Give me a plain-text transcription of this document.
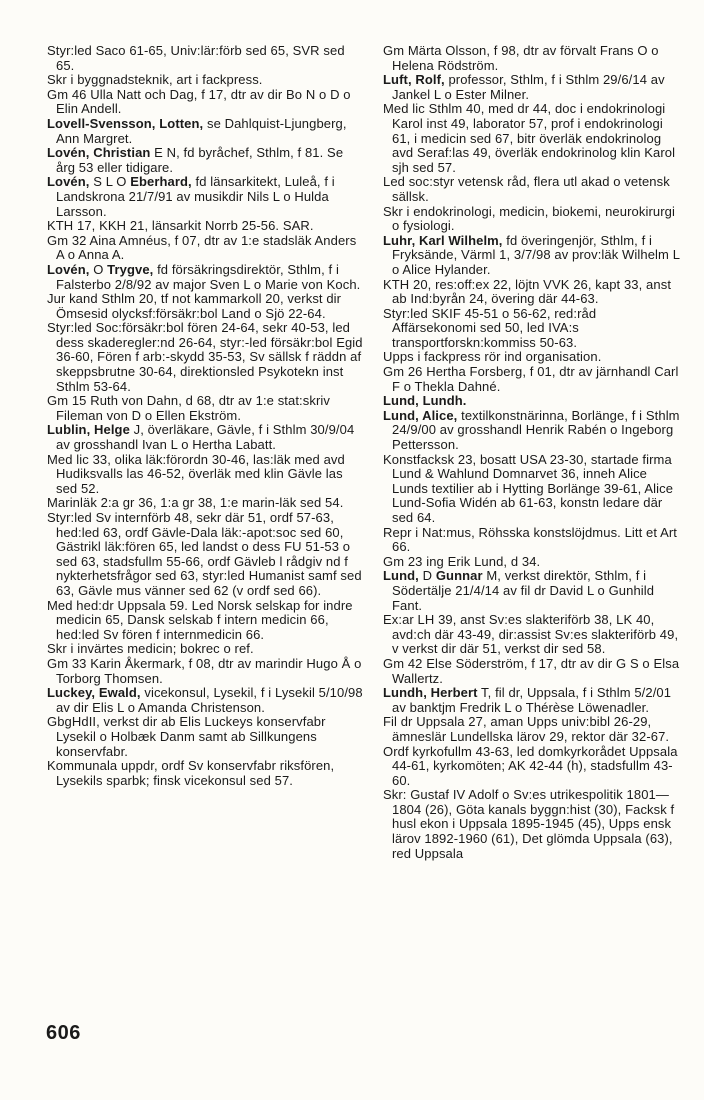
Styr:led Saco 61-65, Univ:lär:förb sed 65, SVR sed 65.

Skr i byggnadsteknik, art i fackpress.

Gm 46 Ulla Natt och Dag, f 17, dtr av dir Bo N o D o Elin Andell.

Lovell-Svensson, Lotten, se Dahlquist-Ljungberg, Ann Margret.

Lovén, Christian E N, fd byråchef, Sthlm, f 81. Se årg 53 eller tidigare.

Lovén, S L O Eberhard, fd länsarkitekt, Luleå, f i Landskrona 21/7/91 av musikdir Nils L o Hulda Larsson.

KTH 17, KKH 21, länsarkit Norrb 25-56. SAR.

Gm 32 Aina Amnéus, f 07, dtr av 1:e stadsläk Anders A o Anna A.

Lovén, O Trygve, fd försäkringsdirektör, Sthlm, f i Falsterbo 2/8/92 av major Sven L o Marie von Koch.

Jur kand Sthlm 20, tf not kammarkoll 20, verkst dir Ömsesid olycksf:försäkr:bol Land o Sjö 22-64.

Styr:led Soc:försäkr:bol fören 24-64, sekr 40-53, led dess skaderegler:nd 26-64, styr:-led försäkr:bol Egid 36-60, Fören f arb:-skydd 35-53, Sv sällsk f räddn af skeppsbrutne 30-64, direktionsled Psykotekn inst Sthlm 53-64.

Gm 15 Ruth von Dahn, d 68, dtr av 1:e stat:skriv Fileman von D o Ellen Ekström.

Lublin, Helge J, överläkare, Gävle, f i Sthlm 30/9/04 av grosshandl Ivan L o Hertha Labatt.

Med lic 33, olika läk:förordn 30-46, las:läk med avd Hudiksvalls las 46-52, överläk med klin Gävle las sed 52.

Marinläk 2:a gr 36, 1:a gr 38, 1:e marin-läk sed 54.

Styr:led Sv internförb 48, sekr där 51, ordf 57-63, hed:led 63, ordf Gävle-Dala läk:-apot:soc sed 60, Gästrikl läk:fören 65, led landst o dess FU 51-53 o sed 63, stadsfullm 55-66, ordf Gävleb l rådgiv nd f nykterhetsfrågor sed 63, styr:led Humanist samf sed 63, Gävle mus vänner sed 62 (v ordf sed 66).

Med hed:dr Uppsala 59. Led Norsk selskap for indre medicin 65, Dansk selskab f intern medicin 66, hed:led Sv fören f internmedicin 66.

Skr i invärtes medicin; bokrec o ref.

Gm 33 Karin Åkermark, f 08, dtr av marindir Hugo Å o Torborg Thomsen.

Luckey, Ewald, vicekonsul, Lysekil, f i Lysekil 5/10/98 av dir Elis L o Amanda Christenson.

GbgHdII, verkst dir ab Elis Luckeys konservfabr Lysekil o Holbæk Danm samt ab Sillkungens konservfabr.

Kommunala uppdr, ordf Sv konservfabr riksfören, Lysekils sparbk; finsk vicekonsul sed 57.

Gm Märta Olsson, f 98, dtr av förvalt Frans O o Helena Rödström.

Luft, Rolf, professor, Sthlm, f i Sthlm 29/6/14 av Jankel L o Ester Milner.

Med lic Sthlm 40, med dr 44, doc i endokrinologi Karol inst 49, laborator 57, prof i endokrinologi 61, i medicin sed 67, bitr överläk endokrinolog avd Seraf:las 49, överläk endokrinolog klin Karol sjh sed 57.

Led soc:styr vetensk råd, flera utl akad o vetensk sällsk.

Skr i endokrinologi, medicin, biokemi, neurokirurgi o fysiologi.

Luhr, Karl Wilhelm, fd överingenjör, Sthlm, f i Fryksände, Värml 1, 3/7/98 av prov:läk Wilhelm L o Alice Hylander.

KTH 20, res:off:ex 22, löjtn VVK 26, kapt 33, anst ab Ind:byrån 24, övering där 44-63.

Styr:led SKIF 45-51 o 56-62, red:råd Affärsekonomi sed 50, led IVA:s transportforskn:kommiss 50-63.

Upps i fackpress rör ind organisation.

Gm 26 Hertha Forsberg, f 01, dtr av järnhandl Carl F o Thekla Dahné.

Lund, Lundh.

Lund, Alice, textilkonstnärinna, Borlänge, f i Sthlm 24/9/00 av grosshandl Henrik Rabén o Ingeborg Pettersson.

Konstfacksk 23, bosatt USA 23-30, startade firma Lund & Wahlund Domnarvet 36, inneh Alice Lunds textilier ab i Hytting Borlänge 39-61, Alice Lund-Sofia Widén ab 61-63, konstn ledare där sed 64.

Repr i Nat:mus, Röhsska konstslöjdmus. Litt et Art 66.

Gm 23 ing Erik Lund, d 34.

Lund, D Gunnar M, verkst direktör, Sthlm, f i Södertälje 21/4/14 av fil dr David L o Gunhild Fant.

Ex:ar LH 39, anst Sv:es slakteriförb 38, LK 40, avd:ch där 43-49, dir:assist Sv:es slakteriförb 49, v verkst dir där 51, verkst dir sed 58.

Gm 42 Else Söderström, f 17, dtr av dir G S o Elsa Wallertz.

Lundh, Herbert T, fil dr, Uppsala, f i Sthlm 5/2/01 av banktjm Fredrik L o Thérèse Löwenadler.

Fil dr Uppsala 27, aman Upps univ:bibl 26-29, ämneslär Lundellska lärov 29, rektor där 32-67.

Ordf kyrkofullm 43-63, led domkyrkorådet Uppsala 44-61, kyrkomöten; AK 42-44 (h), stadsfullm 43-60.

Skr: Gustaf IV Adolf o Sv:es utrikespolitik 1801—1804 (26), Göta kanals byggn:hist (30), Facksk f husl ekon i Uppsala 1895-1945 (45), Upps ensk lärov 1892-1960 (61), Det glömda Uppsala (63), red Uppsala

606
